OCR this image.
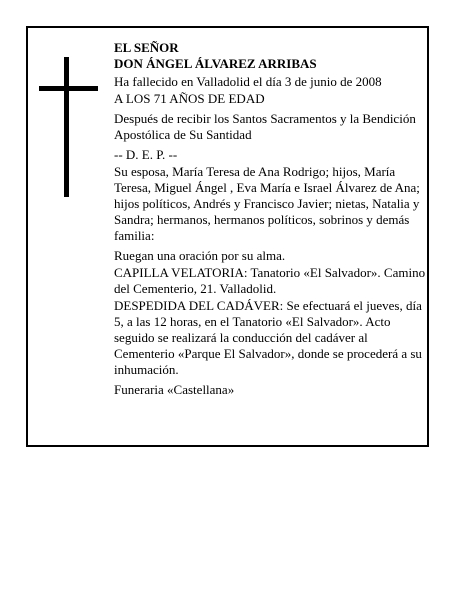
EL SEÑOR
DON ÁNGEL ÁLVAREZ ARRIBAS

Ha fallecido en Valladolid el día 3 de junio de 2008

A LOS 71 AÑOS DE EDAD

Después de recibir los Santos Sacramentos y la Bendición Apostólica de Su Santidad

-- D. E. P. --

Su esposa, María Teresa de Ana Rodrigo; hijos, María Teresa, Miguel Ángel , Eva María e Israel Álvarez de Ana; hijos políticos, Andrés y Francisco Javier; nietas, Natalia y Sandra; hermanos, hermanos políticos, sobrinos y demás familia:

Ruegan una oración por su alma.

CAPILLA VELATORIA: Tanatorio «El Salvador». Camino del Cementerio, 21. Valladolid.

DESPEDIDA DEL CADÁVER: Se efectuará el jueves, día 5, a las 12 horas, en el Tanatorio «El Salvador». Acto seguido se realizará la conducción del cadáver al Cementerio «Parque El Salvador», donde se procederá a su inhumación.

Funeraria «Castellana»
